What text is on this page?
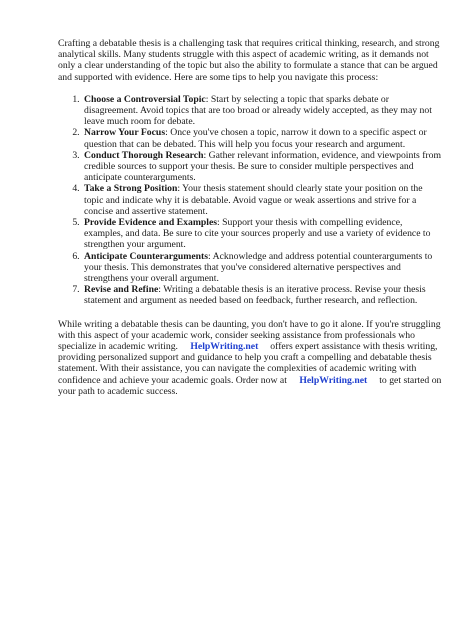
Crafting a debatable thesis is a challenging task that requires critical thinking, research, and strong analytical skills. Many students struggle with this aspect of academic writing, as it demands not only a clear understanding of the topic but also the ability to formulate a stance that can be argued and supported with evidence. Here are some tips to help you navigate this process:

1. Choose a Controversial Topic: Start by selecting a topic that sparks debate or disagreement. Avoid topics that are too broad or already widely accepted, as they may not leave much room for debate.
2. Narrow Your Focus: Once you've chosen a topic, narrow it down to a specific aspect or question that can be debated. This will help you focus your research and argument.
3. Conduct Thorough Research: Gather relevant information, evidence, and viewpoints from credible sources to support your thesis. Be sure to consider multiple perspectives and anticipate counterarguments.
4. Take a Strong Position: Your thesis statement should clearly state your position on the topic and indicate why it is debatable. Avoid vague or weak assertions and strive for a concise and assertive statement.
5. Provide Evidence and Examples: Support your thesis with compelling evidence, examples, and data. Be sure to cite your sources properly and use a variety of evidence to strengthen your argument.
6. Anticipate Counterarguments: Acknowledge and address potential counterarguments to your thesis. This demonstrates that you've considered alternative perspectives and strengthens your overall argument.
7. Revise and Refine: Writing a debatable thesis is an iterative process. Revise your thesis statement and argument as needed based on feedback, further research, and reflection.

While writing a debatable thesis can be daunting, you don't have to go it alone. If you're struggling with this aspect of your academic work, consider seeking assistance from professionals who specialize in academic writing. HelpWriting.net offers expert assistance with thesis writing, providing personalized support and guidance to help you craft a compelling and debatable thesis statement. With their assistance, you can navigate the complexities of academic writing with confidence and achieve your academic goals. Order now at HelpWriting.net to get started on your path to academic success.
